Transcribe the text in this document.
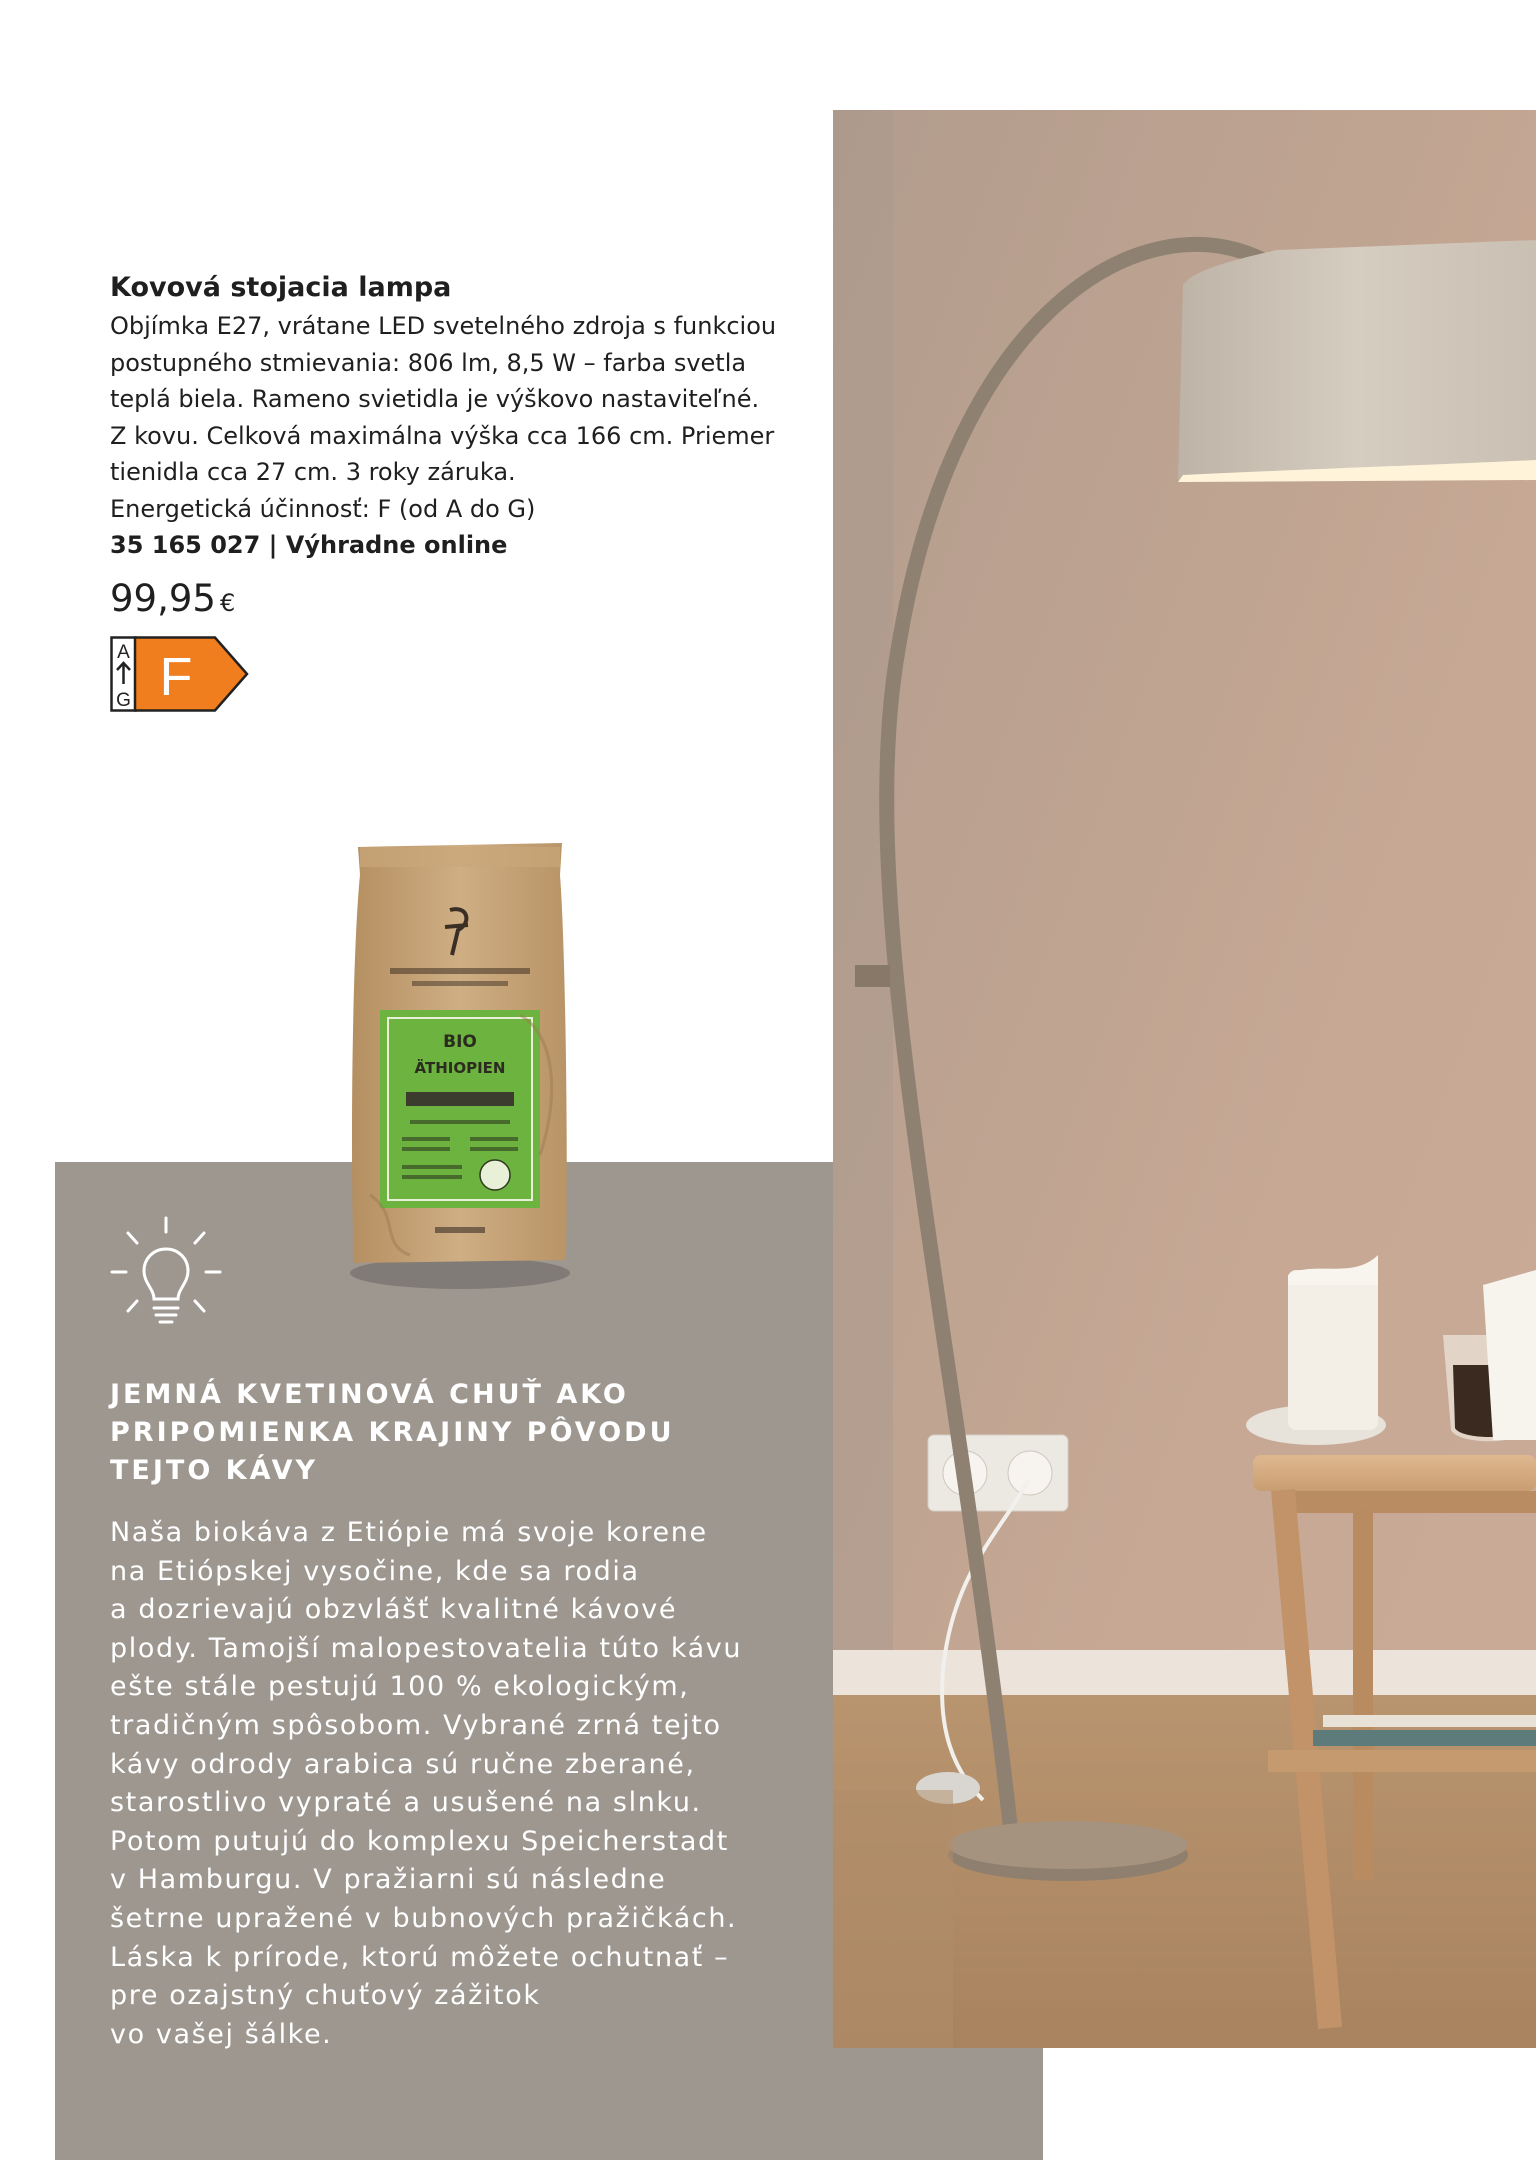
Kovová stojacia lampa

Objímka E27, vrátane LED svetelného zdroja s funkciou

postupného stmievania: 806 lm, 8,5 W – farba svetla

teplá biela. Rameno svietidla je výškovo nastaviteľné.

Z kovu. Celková maximálna výška cca 166 cm. Priemer

tienidla cca 27 cm. 3 roky záruka.

Energetická účinnosť: F (od A do G)

35 165 027 | Výhradne online

99,95 €
A
G F
JEMNÁ KVETINOVÁ CHUŤ AKO
PRIPOMIENKA KRAJINY PÔVODU
TEJTO KÁVY
Naša biokáva z Etiópie má svoje korene
na Etiópskej vysočine, kde sa rodia
a dozrievajú obzvlášť kvalitné kávové
plody. Tamojší malopestovatelia túto kávu
ešte stále pestujú 100 % ekologickým,
tradičným spôsobom. Vybrané zrná tejto
kávy odrody arabica sú ručne zberané,
starostlivo vypraté a usušené na slnku.
Potom putujú do komplexu Speicherstadt
v Hamburgu. V pražiarni sú následne
šetrne upražené v bubnových pražičkách.
Láska k prírode, ktorú môžete ochutnať –
pre ozajstný chuťový zážitok
vo vašej šálke.
BIO
ÄTHIOPIEN
